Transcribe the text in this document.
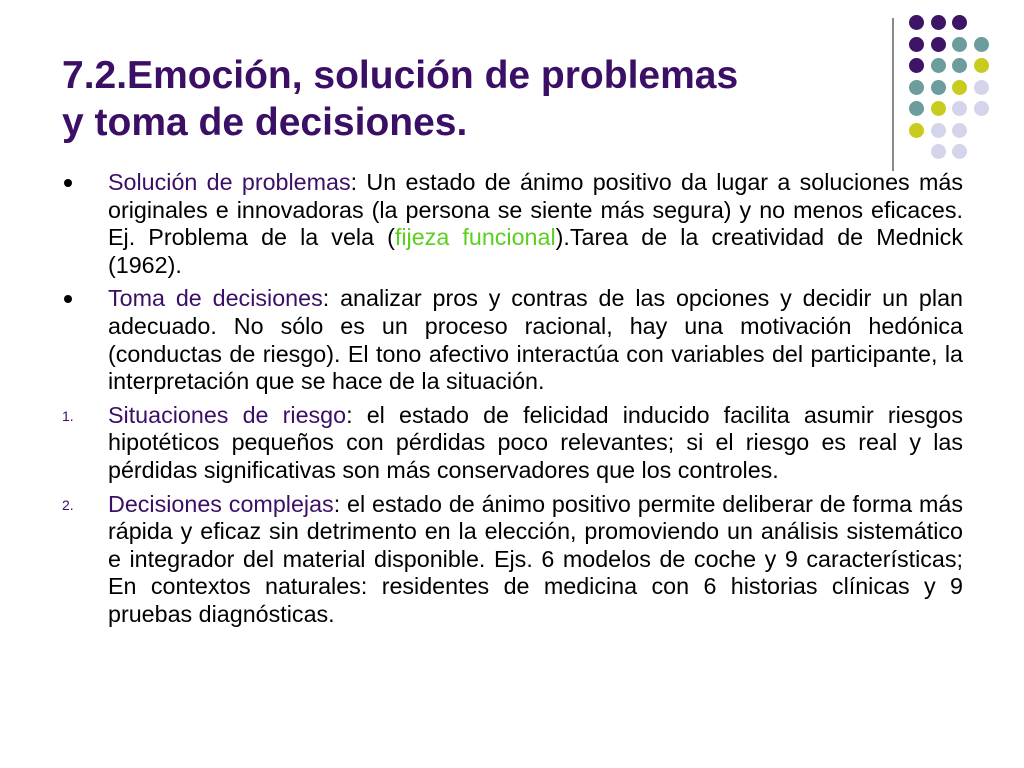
7.2.Emoción, solución de problemas
y toma de decisiones.
Solución de problemas: Un estado de ánimo positivo da lugar a soluciones más originales e innovadoras (la persona se siente más segura) y no menos eficaces. Ej. Problema de la vela (fijeza funcional).Tarea de la creatividad de Mednick (1962).
Toma de decisiones: analizar pros y contras de las opciones y decidir un plan adecuado. No sólo es un proceso racional, hay una motivación hedónica (conductas de riesgo). El tono afectivo interactúa con variables del participante, la interpretación que se hace de la situación.
1. Situaciones de riesgo: el estado de felicidad inducido facilita asumir riesgos hipotéticos pequeños con pérdidas poco relevantes; si el riesgo es real y las pérdidas significativas son más conservadores que los controles.
2. Decisiones complejas: el estado de ánimo positivo permite deliberar de forma más rápida y eficaz sin detrimento en la elección, promoviendo un análisis sistemático e integrador del material disponible. Ejs. 6 modelos de coche y 9 características; En contextos naturales: residentes de medicina con 6 historias clínicas y 9 pruebas diagnósticas.
